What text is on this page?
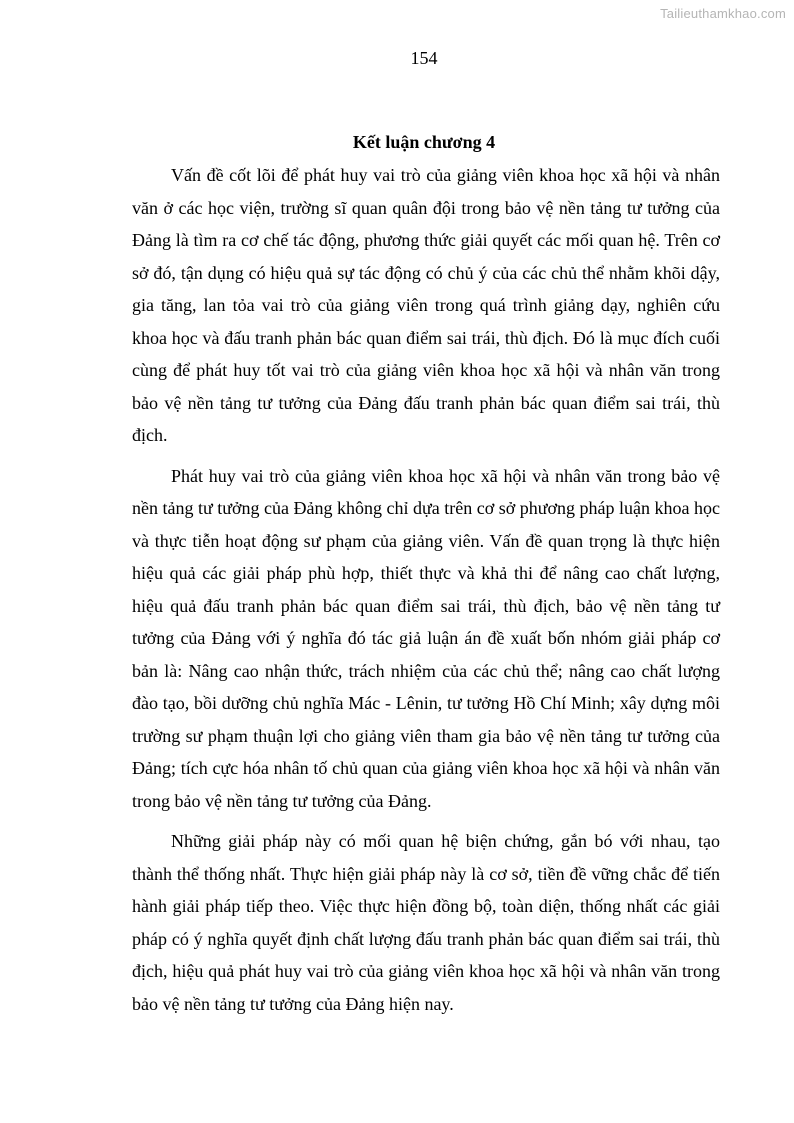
Tailieuthamkhao.com
154
Kết luận chương 4

Vấn đề cốt lõi để phát huy vai trò của giảng viên khoa học xã hội và nhân văn ở các học viện, trường sĩ quan quân đội trong bảo vệ nền tảng tư tưởng của Đảng là tìm ra cơ chế tác động, phương thức giải quyết các mối quan hệ. Trên cơ sở đó, tận dụng có hiệu quả sự tác động có chủ ý của các chủ thể nhằm khõi dậy, gia tăng, lan tỏa vai trò của giảng viên trong quá trình giảng dạy, nghiên cứu khoa học và đấu tranh phản bác quan điểm sai trái, thù địch. Đó là mục đích cuối cùng để phát huy tốt vai trò của giảng viên khoa học xã hội và nhân văn trong bảo vệ nền tảng tư tưởng của Đảng đấu tranh phản bác quan điểm sai trái, thù địch.

Phát huy vai trò của giảng viên khoa học xã hội và nhân văn trong bảo vệ nền tảng tư tưởng của Đảng không chỉ dựa trên cơ sở phương pháp luận khoa học và thực tiễn hoạt động sư phạm của giảng viên. Vấn đề quan trọng là thực hiện hiệu quả các giải pháp phù hợp, thiết thực và khả thi để nâng cao chất lượng, hiệu quả đấu tranh phản bác quan điểm sai trái, thù địch, bảo vệ nền tảng tư tưởng của Đảng với ý nghĩa đó tác giả luận án đề xuất bốn nhóm giải pháp cơ bản là: Nâng cao nhận thức, trách nhiệm của các chủ thể; nâng cao chất lượng đào tạo, bồi dưỡng chủ nghĩa Mác - Lênin, tư tưởng Hồ Chí Minh; xây dựng môi trường sư phạm thuận lợi cho giảng viên tham gia bảo vệ nền tảng tư tưởng của Đảng; tích cực hóa nhân tố chủ quan của giảng viên khoa học xã hội và nhân văn trong bảo vệ nền tảng tư tưởng của Đảng.

Những giải pháp này có mối quan hệ biện chứng, gắn bó với nhau, tạo thành thể thống nhất. Thực hiện giải pháp này là cơ sở, tiền đề vững chắc để tiến hành giải pháp tiếp theo. Việc thực hiện đồng bộ, toàn diện, thống nhất các giải pháp có ý nghĩa quyết định chất lượng đấu tranh phản bác quan điểm sai trái, thù địch, hiệu quả phát huy vai trò của giảng viên khoa học xã hội và nhân văn trong bảo vệ nền tảng tư tưởng của Đảng hiện nay.
